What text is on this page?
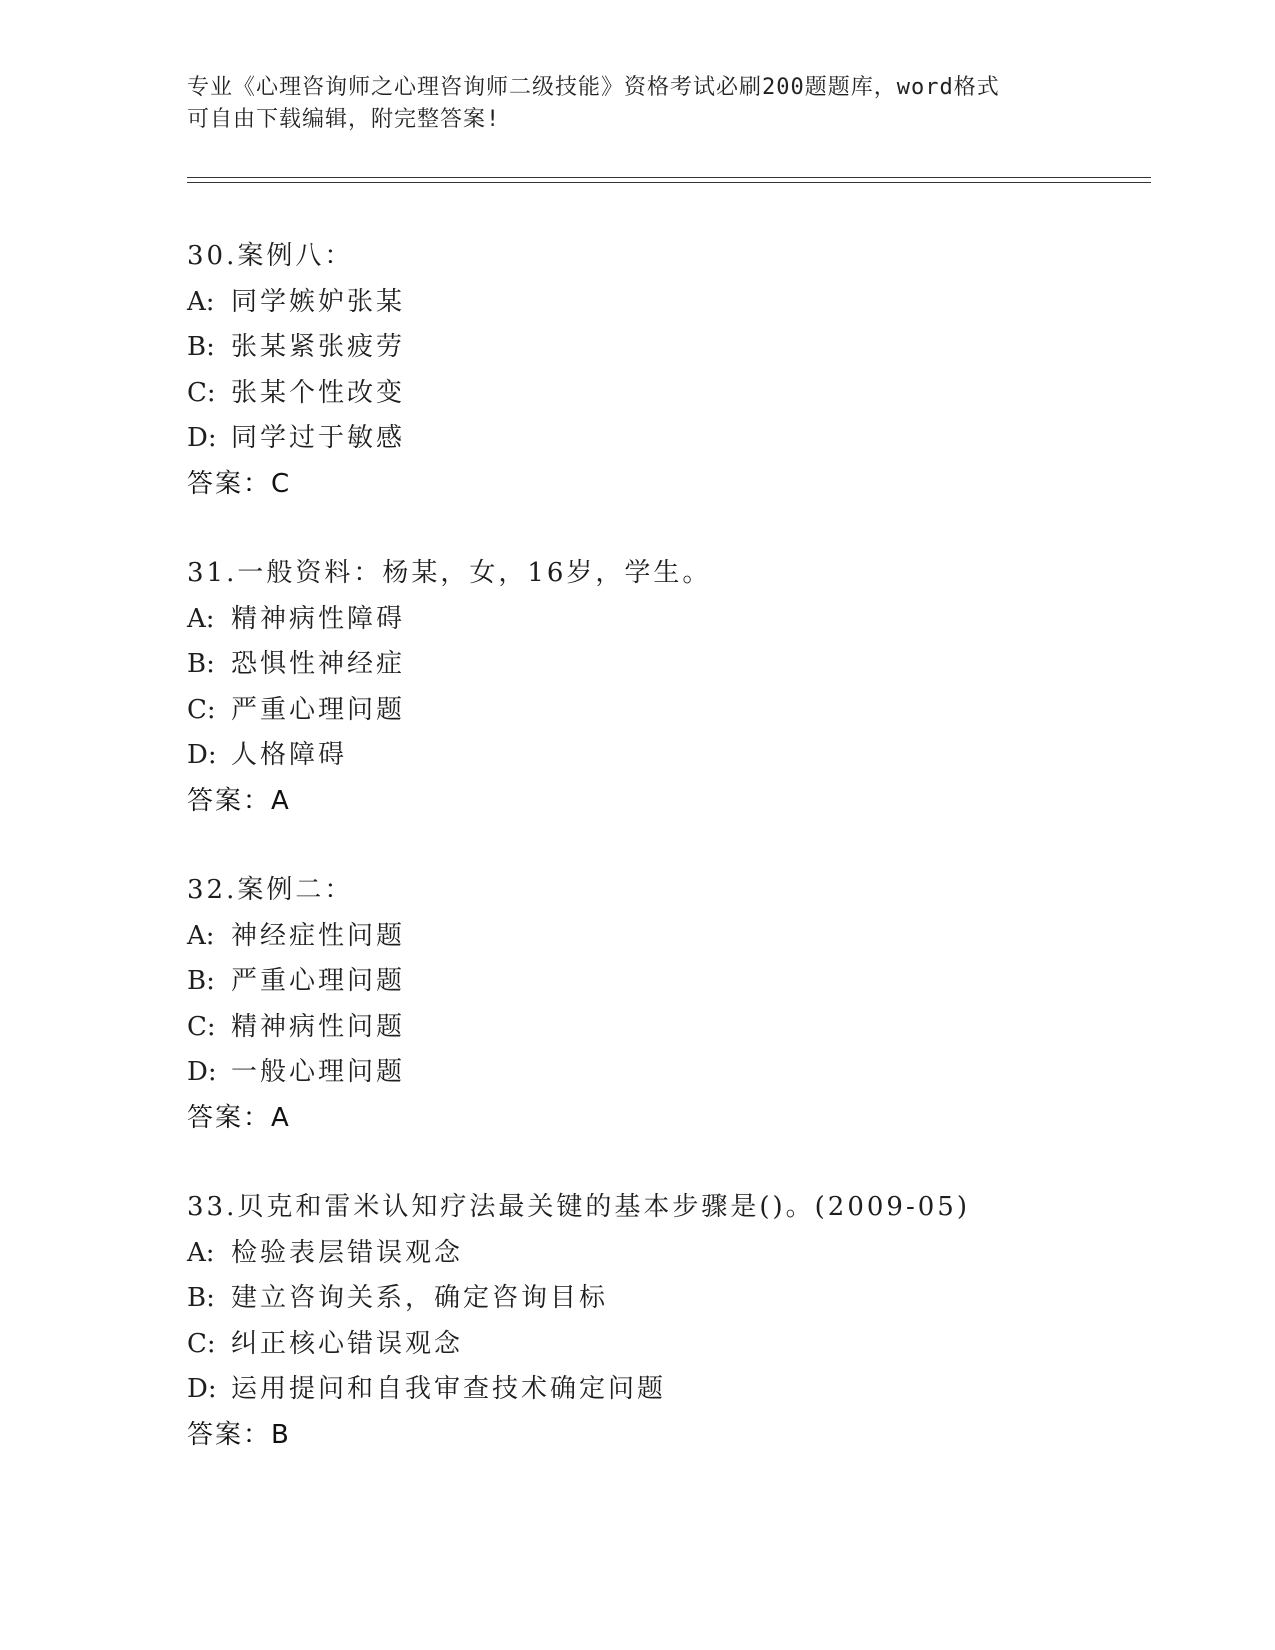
专业《心理咨询师之心理咨询师二级技能》资格考试必刷200题题库，word格式
可自由下载编辑，附完整答案!
30.案例八：
A: 同学嫉妒张某
B: 张某紧张疲劳
C: 张某个性改变
D: 同学过于敏感
答案：C
31.一般资料：杨某，女，16岁，学生。
A: 精神病性障碍
B: 恐惧性神经症
C: 严重心理问题
D: 人格障碍
答案：A
32.案例二：
A: 神经症性问题
B: 严重心理问题
C: 精神病性问题
D: 一般心理问题
答案：A
33.贝克和雷米认知疗法最关键的基本步骤是()。(2009-05)
A: 检验表层错误观念
B: 建立咨询关系，确定咨询目标
C: 纠正核心错误观念
D: 运用提问和自我审查技术确定问题
答案：B
